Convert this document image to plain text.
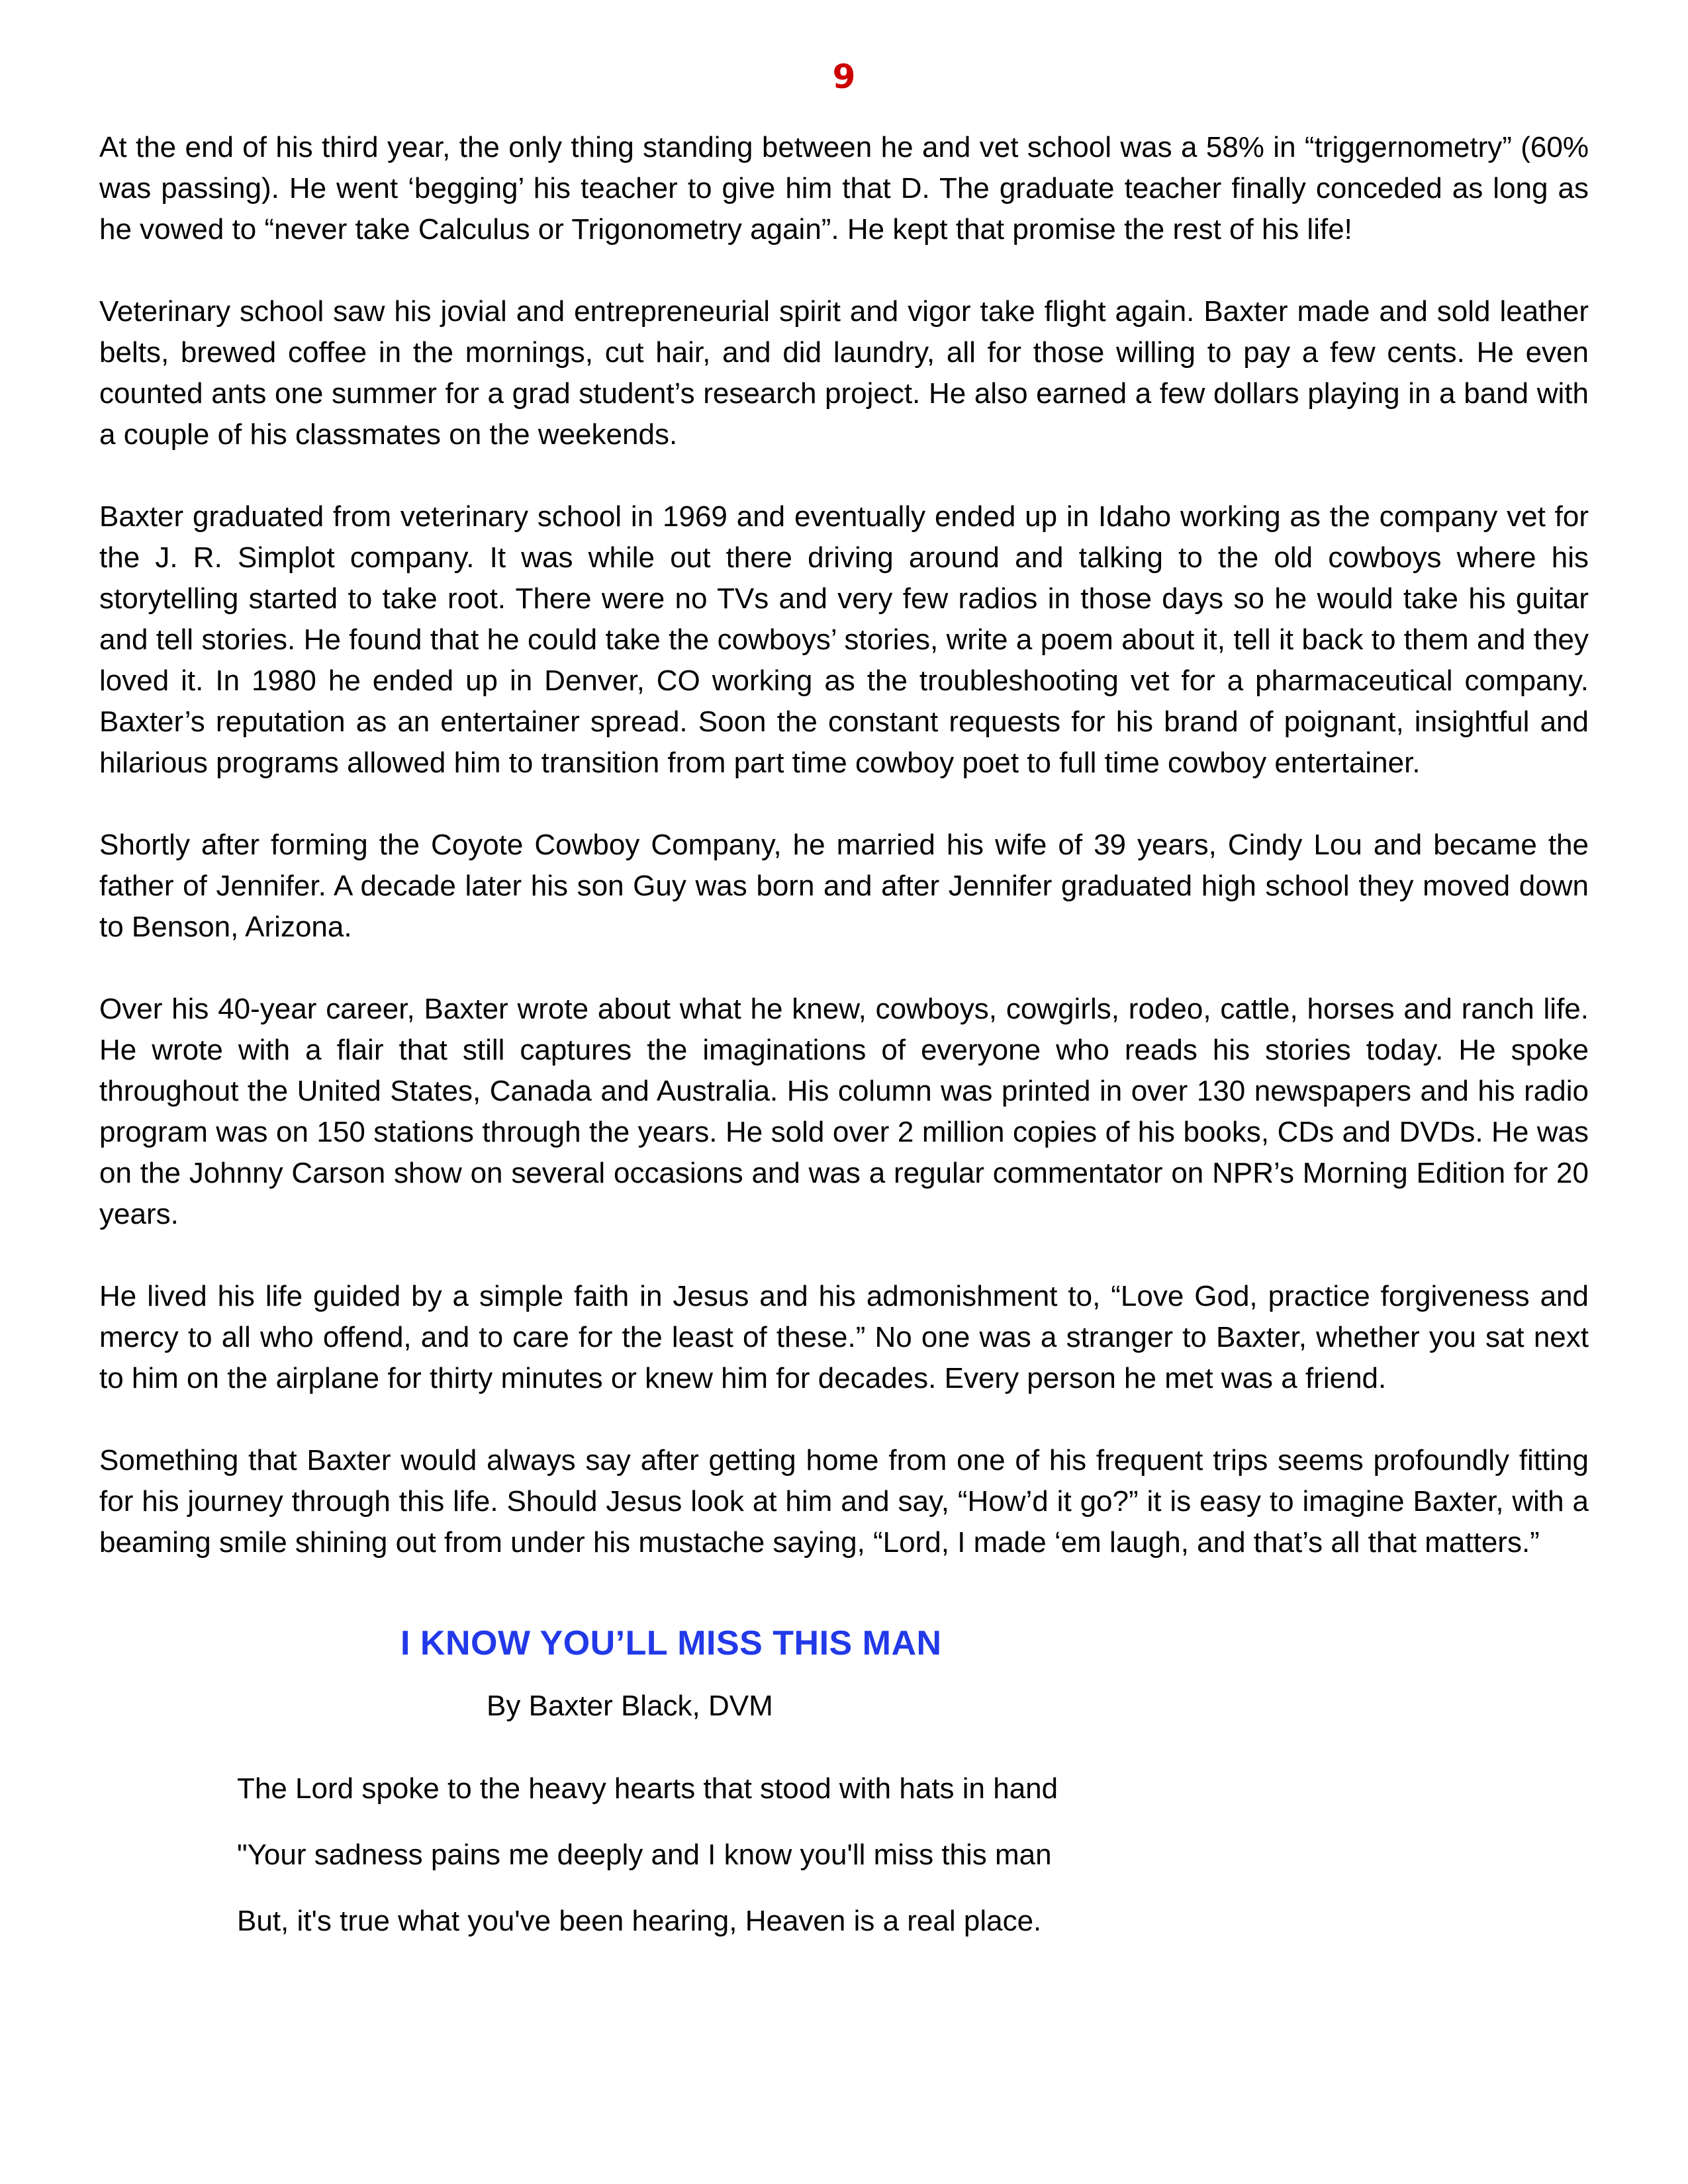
9

At the end of his third year, the only thing standing between he and vet school was a 58% in “triggernometry” (60% was passing). He went ‘begging’ his teacher to give him that D. The graduate teacher finally conceded as long as he vowed to “never take Calculus or Trigonometry again”. He kept that promise the rest of his life!

Veterinary school saw his jovial and entrepreneurial spirit and vigor take flight again. Baxter made and sold leather belts, brewed coffee in the mornings, cut hair, and did laundry, all for those willing to pay a few cents. He even counted ants one summer for a grad student’s research project. He also earned a few dollars playing in a band with a couple of his classmates on the weekends.

Baxter graduated from veterinary school in 1969 and eventually ended up in Idaho working as the company vet for the J. R. Simplot company. It was while out there driving around and talking to the old cowboys where his storytelling started to take root. There were no TVs and very few radios in those days so he would take his guitar and tell stories. He found that he could take the cowboys’ stories, write a poem about it, tell it back to them and they loved it. In 1980 he ended up in Denver, CO working as the troubleshooting vet for a pharmaceutical company. Baxter’s reputation as an entertainer spread. Soon the constant requests for his brand of poignant, insightful and hilarious programs allowed him to transition from part time cowboy poet to full time cowboy entertainer.

Shortly after forming the Coyote Cowboy Company, he married his wife of 39 years, Cindy Lou and became the father of Jennifer. A decade later his son Guy was born and after Jennifer graduated high school they moved down to Benson, Arizona.

Over his 40-year career, Baxter wrote about what he knew, cowboys, cowgirls, rodeo, cattle, horses and ranch life. He wrote with a flair that still captures the imaginations of everyone who reads his stories today. He spoke throughout the United States, Canada and Australia. His column was printed in over 130 newspapers and his radio program was on 150 stations through the years. He sold over 2 million copies of his books, CDs and DVDs. He was on the Johnny Carson show on several occasions and was a regular commentator on NPR’s Morning Edition for 20 years.

He lived his life guided by a simple faith in Jesus and his admonishment to, “Love God, practice forgiveness and mercy to all who offend, and to care for the least of these.” No one was a stranger to Baxter, whether you sat next to him on the airplane for thirty minutes or knew him for decades. Every person he met was a friend.

Something that Baxter would always say after getting home from one of his frequent trips seems profoundly fitting for his journey through this life. Should Jesus look at him and say, “How’d it go?” it is easy to imagine Baxter, with a beaming smile shining out from under his mustache saying, “Lord, I made ‘em laugh, and that’s all that matters.”

I KNOW YOU’LL MISS THIS MAN

By Baxter Black, DVM

The Lord spoke to the heavy hearts that stood with hats in hand

"Your sadness pains me deeply and I know you'll miss this man

But, it's true what you've been hearing, Heaven is a real place.
